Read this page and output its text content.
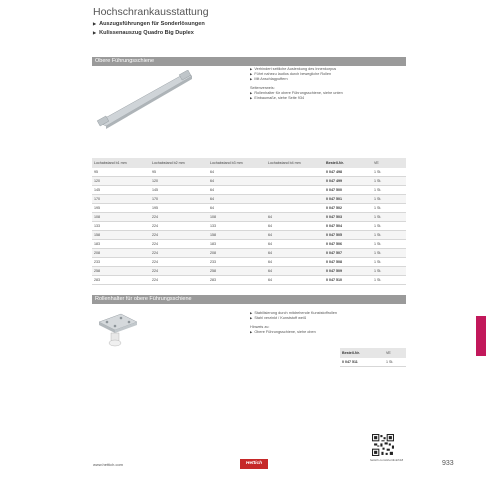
Hochschrankausstattung
▶ Auszugsführungen für Sonderlösungen
▶ Kulissenauszug Quadro Big Duplex
Obere Führungsschiene
▶ Verhindert seitliche Auslenkung des Innenkorpus
▶ Führt nahezu lautlos durch bewegliche Rollen
▶ Mit Anschlagpuffern
Seitenverweis:
▶ Rollenhalter für obere Führungsschiene, siehe unten
▶ Einbaumaße, siehe Seite 934
Lochabstand b1 mm	Lochabstand b2 mm	Lochabstand b3 mm	Lochabstand b4 mm	Bestell-Nr.	VE
95	95	64		0 047 498	1 St.
120	120	64		0 047 499	1 St.
145	145	64		0 047 500	1 St.
170	170	64		0 047 501	1 St.
195	195	64		0 047 502	1 St.
108	224	108	64	0 047 503	1 St.
133	224	133	64	0 047 504	1 St.
158	224	158	64	0 047 505	1 St.
183	224	183	64	0 047 506	1 St.
208	224	208	64	0 047 507	1 St.
233	224	233	64	0 047 508	1 St.
258	224	258	64	0 047 509	1 St.
283	224	283	64	0 047 510	1 St.
Rollenhalter für obere Führungsschiene
▶ Stabilisierung durch mitdrehende Kunststoffrollen
▶ Stahl verzinkt / Kunststoff weiß
Hinweis zu:
▶ Obere Führungsschiene, siehe oben
Bestell-Nr.	VE
0 047 511	1 St.
hettich.com/shortlink/h18
www.hettich.com	Hettich	933
